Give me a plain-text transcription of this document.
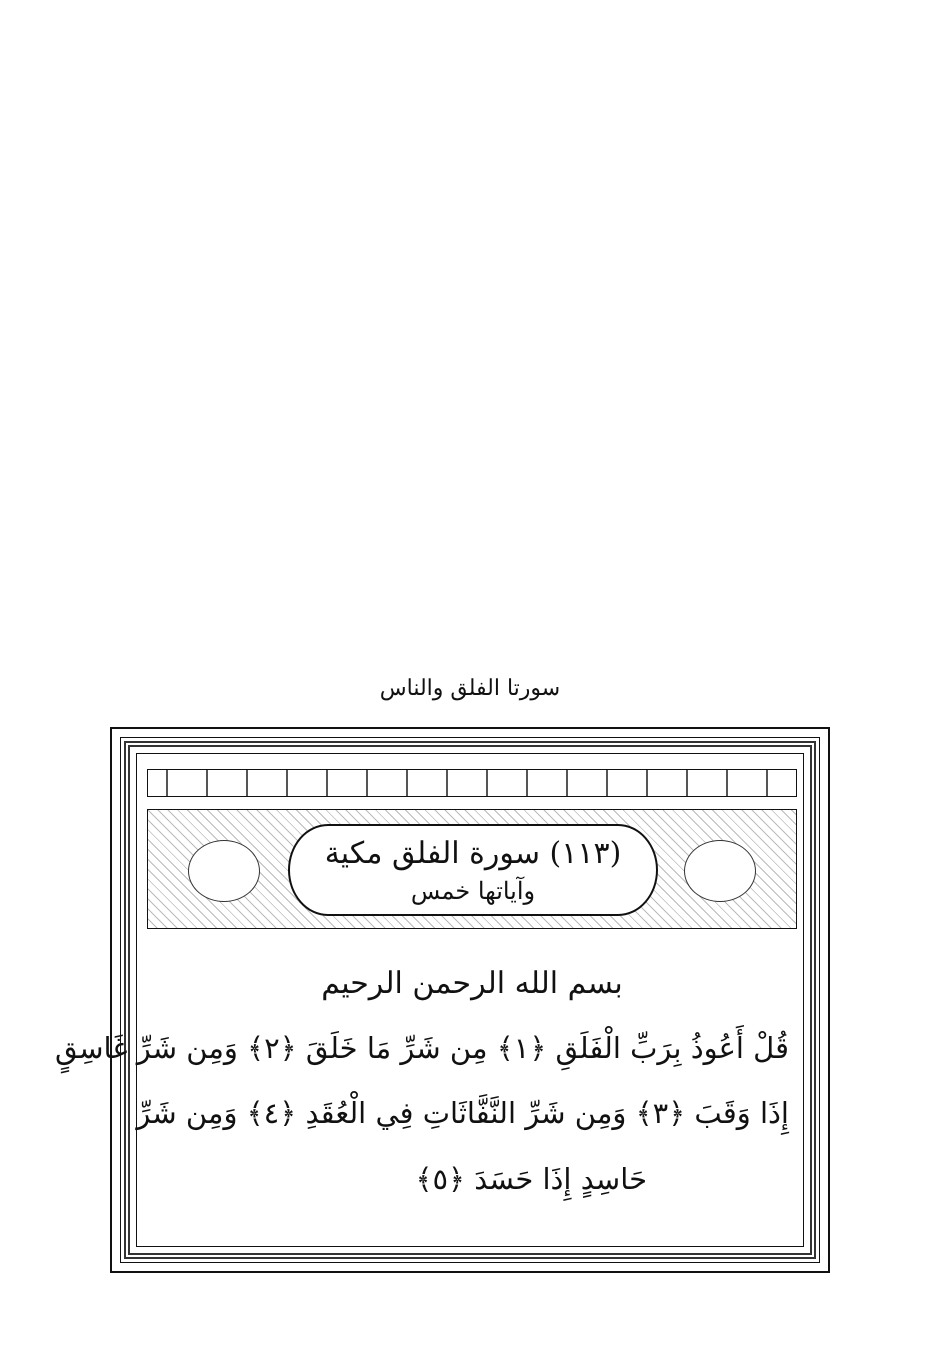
سورتا الفلق والناس
(١١٣) سورة الفلق مكية
وآياتها خمس
بسم الله الرحمن الرحيم
قُلْ أَعُوذُ بِرَبِّ الْفَلَقِ ﴿١﴾ مِن شَرِّ مَا خَلَقَ ﴿٢﴾ وَمِن شَرِّ غَاسِقٍ
إِذَا وَقَبَ ﴿٣﴾ وَمِن شَرِّ النَّفَّاثَاتِ فِي الْعُقَدِ ﴿٤﴾ وَمِن شَرِّ
حَاسِدٍ إِذَا حَسَدَ ﴿٥﴾
